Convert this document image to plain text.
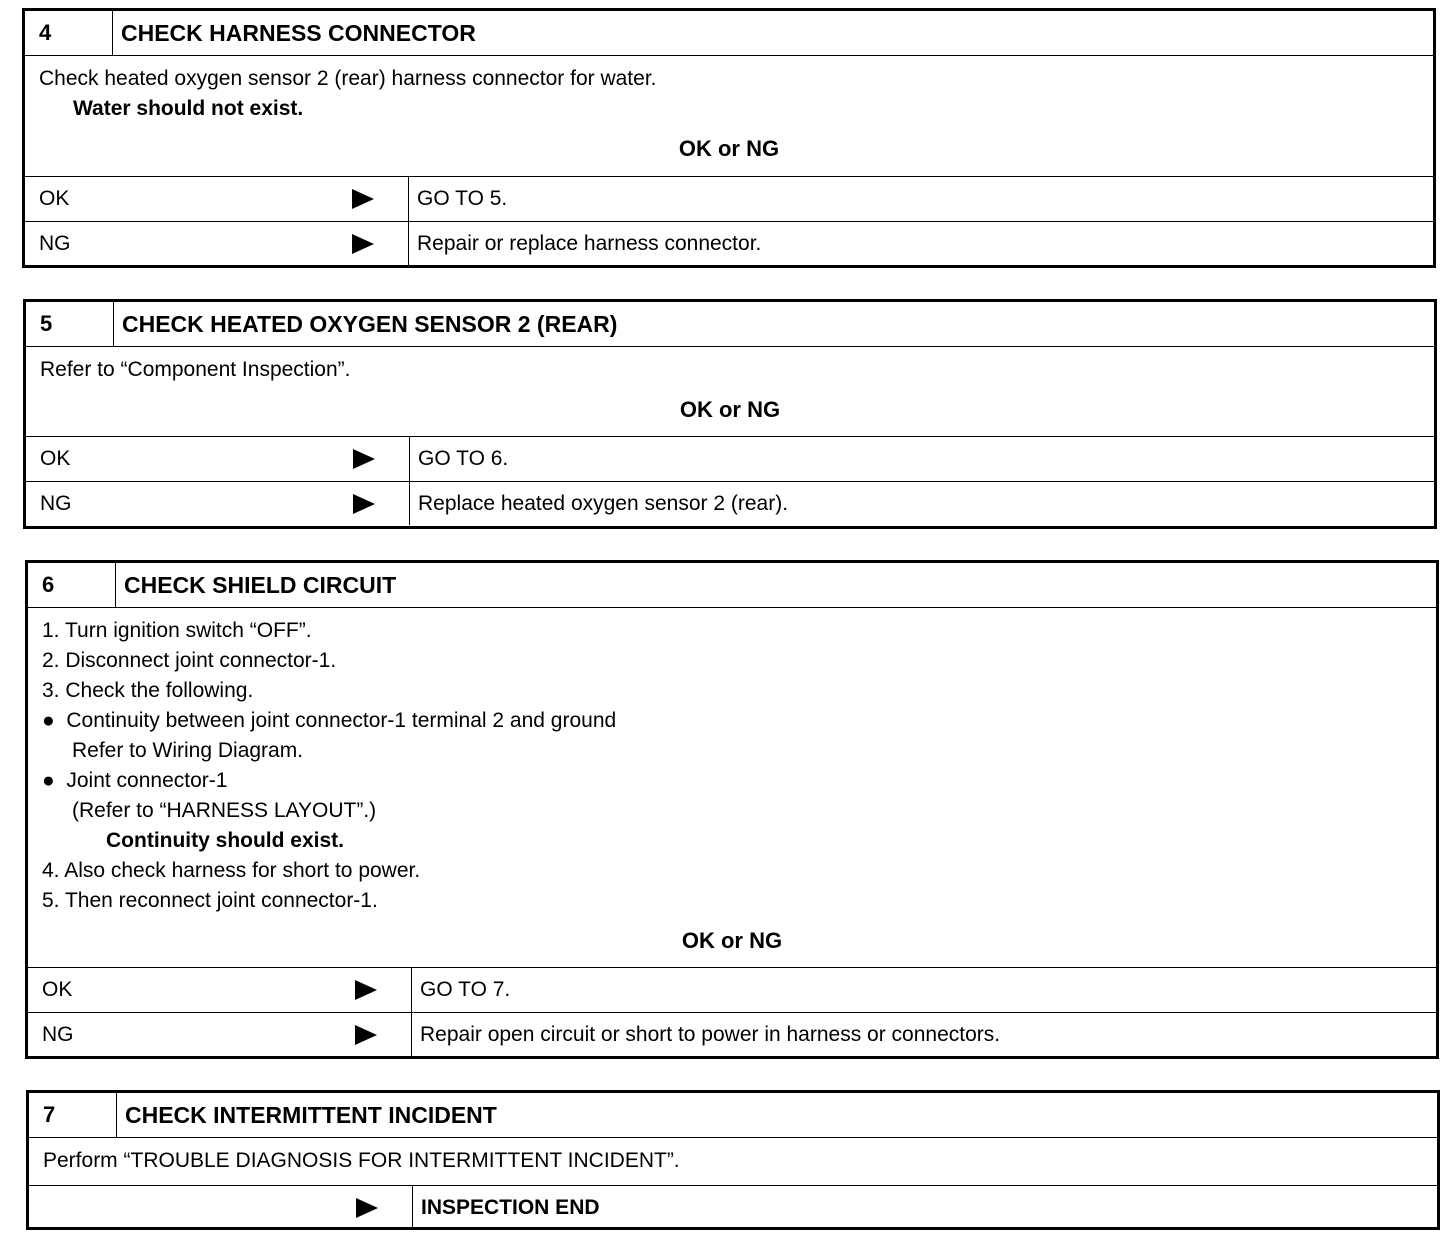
4	CHECK HARNESS CONNECTOR
Check heated oxygen sensor 2 (rear) harness connector for water.
Water should not exist.
OK or NG
OK	GO TO 5.
NG	Repair or replace harness connector.
5	CHECK HEATED OXYGEN SENSOR 2 (REAR)
Refer to “Component Inspection”.
OK or NG
OK	GO TO 6.
NG	Replace heated oxygen sensor 2 (rear).
6	CHECK SHIELD CIRCUIT
1. Turn ignition switch “OFF”.
2. Disconnect joint connector-1.
3. Check the following.
●  Continuity between joint connector-1 terminal 2 and ground
Refer to Wiring Diagram.
●  Joint connector-1
(Refer to “HARNESS LAYOUT”.)
Continuity should exist.
4. Also check harness for short to power.
5. Then reconnect joint connector-1.
OK or NG
OK	GO TO 7.
NG	Repair open circuit or short to power in harness or connectors.
7	CHECK INTERMITTENT INCIDENT
Perform “TROUBLE DIAGNOSIS FOR INTERMITTENT INCIDENT”.
INSPECTION END
